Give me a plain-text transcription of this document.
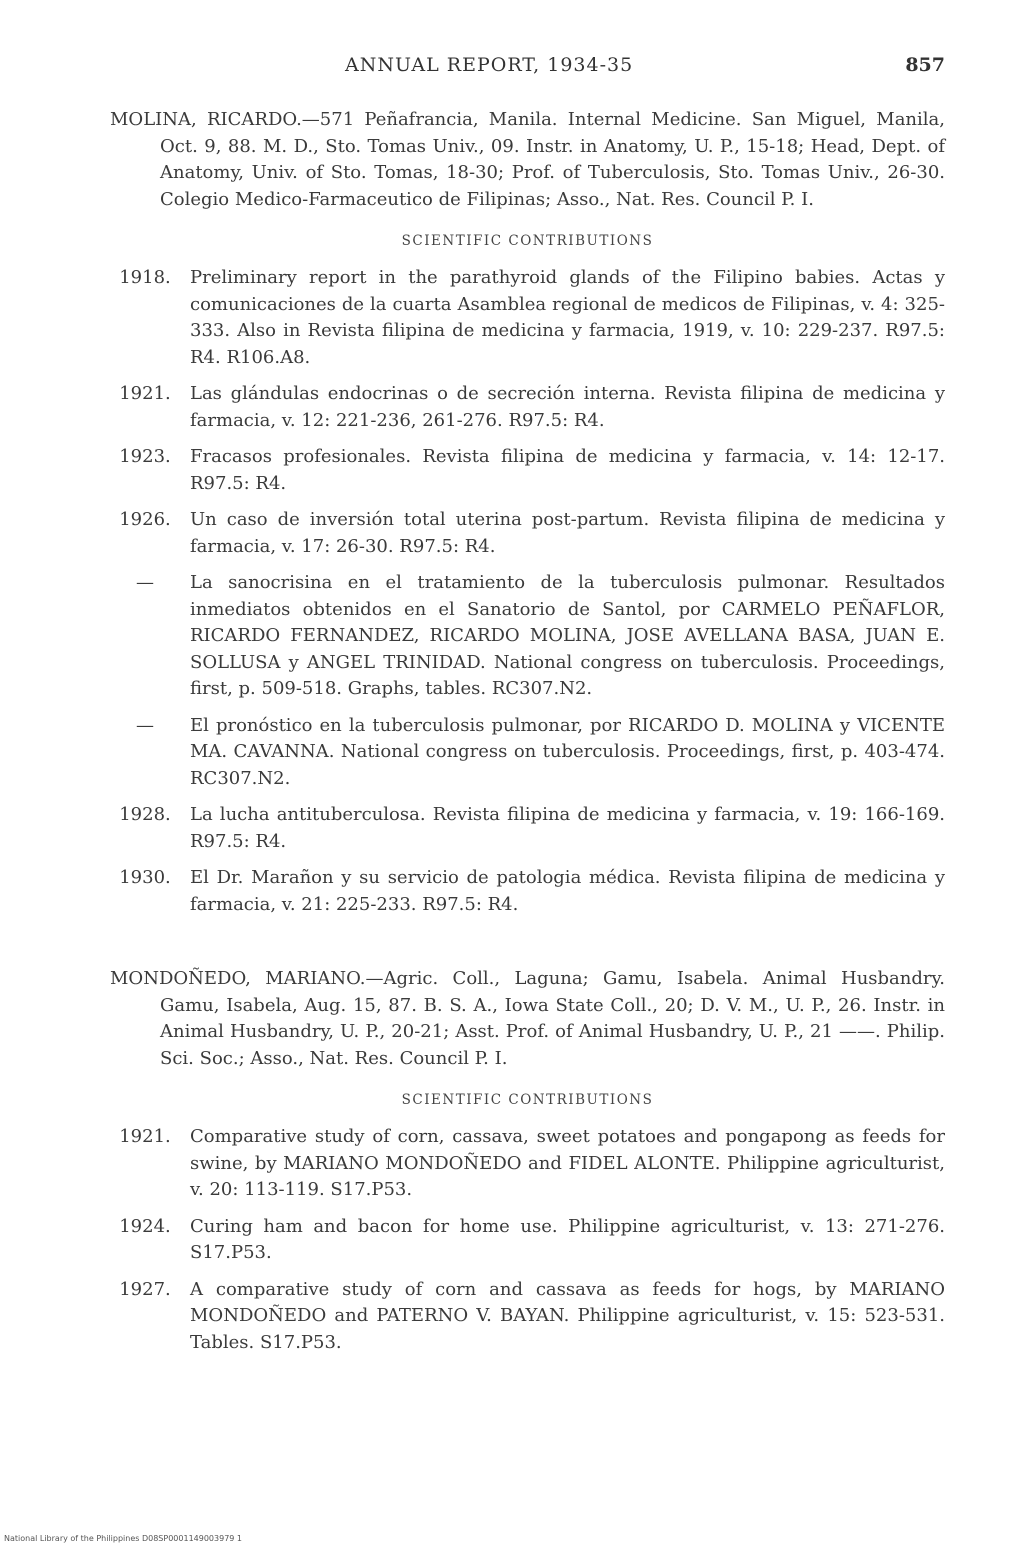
ANNUAL REPORT, 1934-35	857
MOLINA, RICARDO.—571 Peñafrancia, Manila. Internal Medicine. San Miguel, Manila, Oct. 9, 88. M. D., Sto. Tomas Univ., 09. Instr. in Anatomy, U. P., 15-18; Head, Dept. of Anatomy, Univ. of Sto. Tomas, 18-30; Prof. of Tuberculosis, Sto. Tomas Univ., 26-30. Colegio Medico-Farmaceutico de Filipinas; Asso., Nat. Res. Council P. I.
SCIENTIFIC CONTRIBUTIONS
1918.	Preliminary report in the parathyroid glands of the Filipino babies. Actas y comunicaciones de la cuarta Asamblea regional de medicos de Filipinas, v. 4: 325-333. Also in Revista filipina de medicina y farmacia, 1919, v. 10: 229-237. R97.5: R4. R106.A8.
1921.	Las glándulas endocrinas o de secreción interna. Revista filipina de medicina y farmacia, v. 12: 221-236, 261-276. R97.5: R4.
1923.	Fracasos profesionales. Revista filipina de medicina y farmacia, v. 14: 12-17. R97.5: R4.
1926.	Un caso de inversión total uterina post-partum. Revista filipina de medicina y farmacia, v. 17: 26-30. R97.5: R4.
—	La sanocrisina en el tratamiento de la tuberculosis pulmonar. Resultados inmediatos obtenidos en el Sanatorio de Santol, por CARMELO PEÑAFLOR, RICARDO FERNANDEZ, RICARDO MOLINA, JOSE AVELLANA BASA, JUAN E. SOLLUSA y ANGEL TRINIDAD. National congress on tuberculosis. Proceedings, first, p. 509-518. Graphs, tables. RC307.N2.
—	El pronóstico en la tuberculosis pulmonar, por RICARDO D. MOLINA y VICENTE MA. CAVANNA. National congress on tuberculosis. Proceedings, first, p. 403-474. RC307.N2.
1928.	La lucha antituberculosa. Revista filipina de medicina y farmacia, v. 19: 166-169. R97.5: R4.
1930.	El Dr. Marañon y su servicio de patologia médica. Revista filipina de medicina y farmacia, v. 21: 225-233. R97.5: R4.
MONDOÑEDO, MARIANO.—Agric. Coll., Laguna; Gamu, Isabela. Animal Husbandry. Gamu, Isabela, Aug. 15, 87. B. S. A., Iowa State Coll., 20; D. V. M., U. P., 26. Instr. in Animal Husbandry, U. P., 20-21; Asst. Prof. of Animal Husbandry, U. P., 21 ——. Philip. Sci. Soc.; Asso., Nat. Res. Council P. I.
SCIENTIFIC CONTRIBUTIONS
1921.	Comparative study of corn, cassava, sweet potatoes and pongapong as feeds for swine, by MARIANO MONDOÑEDO and FIDEL ALONTE. Philippine agriculturist, v. 20: 113-119. S17.P53.
1924.	Curing ham and bacon for home use. Philippine agriculturist, v. 13: 271-276. S17.P53.
1927.	A comparative study of corn and cassava as feeds for hogs, by MARIANO MONDOÑEDO and PATERNO V. BAYAN. Philippine agriculturist, v. 15: 523-531. Tables. S17.P53.
National Library of the Philippines D08SP0001149003979 1
